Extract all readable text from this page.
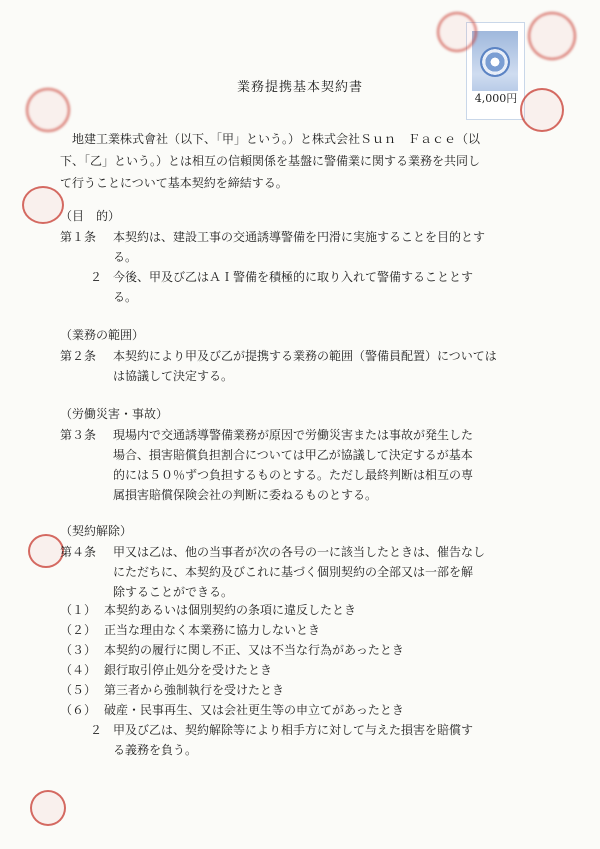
4,000円
業務提携基本契約書
地建工業株式會社（以下、「甲」という。）と株式会社Ｓｕｎ　Ｆａｃｅ（以
下、「乙」という。）とは相互の信頼関係を基盤に警備業に関する業務を共同し
て行うことについて基本契約を締結する。
（目　的）
第１条 本契約は、建設工事の交通誘導警備を円滑に実施することを目的とす
る。
２ 今後、甲及び乙はＡＩ警備を積極的に取り入れて警備することとす
る。
（業務の範囲）
第２条 本契約により甲及び乙が提携する業務の範囲（警備員配置）については
は協議して決定する。
（労働災害・事故）
第３条 現場内で交通誘導警備業務が原因で労働災害または事故が発生した
場合、損害賠償負担割合については甲乙が協議して決定するが基本
的には５０％ずつ負担するものとする。ただし最終判断は相互の専
属損害賠償保険会社の判断に委ねるものとする。
（契約解除）
第４条 甲又は乙は、他の当事者が次の各号の一に該当したときは、催告なし
にただちに、本契約及びこれに基づく個別契約の全部又は一部を解
除することができる。
（１） 本契約あるいは個別契約の条項に違反したとき
（２） 正当な理由なく本業務に協力しないとき
（３） 本契約の履行に関し不正、又は不当な行為があったとき
（４） 銀行取引停止処分を受けたとき
（５） 第三者から強制執行を受けたとき
（６） 破産・民事再生、又は会社更生等の申立てがあったとき
２ 甲及び乙は、契約解除等により相手方に対して与えた損害を賠償す
る義務を負う。
